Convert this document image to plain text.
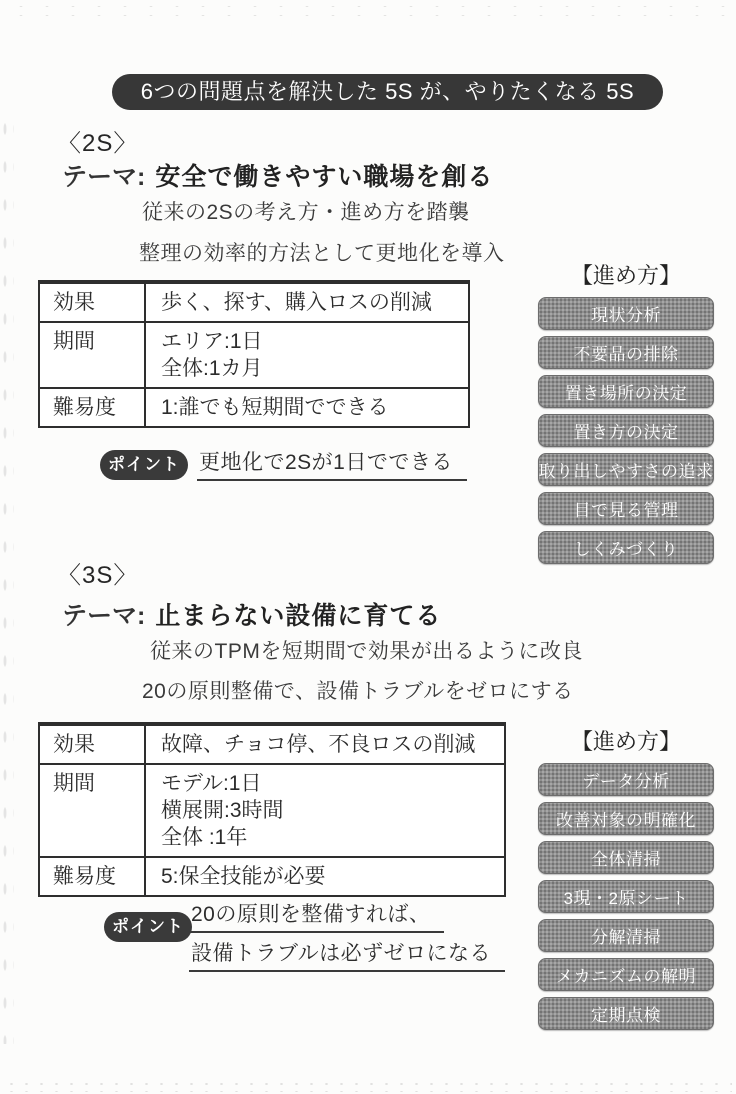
6つの問題点を解決した 5S が、やりたくなる 5S
〈2S〉
テーマ: 安全で働きやすい職場を創る
従来の2Sの考え方・進め方を踏襲
整理の効率的方法として更地化を導入
効果	歩く、探す、購入ロスの削減
期間	エリア:1日
全体:1カ月
難易度	1:誰でも短期間でできる
【進め方】
現状分析
不要品の排除
置き場所の決定
置き方の決定
取り出しやすさの追求
目で見る管理
しくみづくり
ポイント 更地化で2Sが1日でできる
〈3S〉
テーマ: 止まらない設備に育てる
従来のTPMを短期間で効果が出るように改良
20の原則整備で、設備トラブルをゼロにする
効果	故障、チョコ停、不良ロスの削減
期間	モデル:1日
横展開:3時間
全体 :1年
難易度	5:保全技能が必要
【進め方】
データ分析
改善対象の明確化
全体清掃
3現・2原シート
分解清掃
メカニズムの解明
定期点検
ポイント
20の原則を整備すれば、
設備トラブルは必ずゼロになる
